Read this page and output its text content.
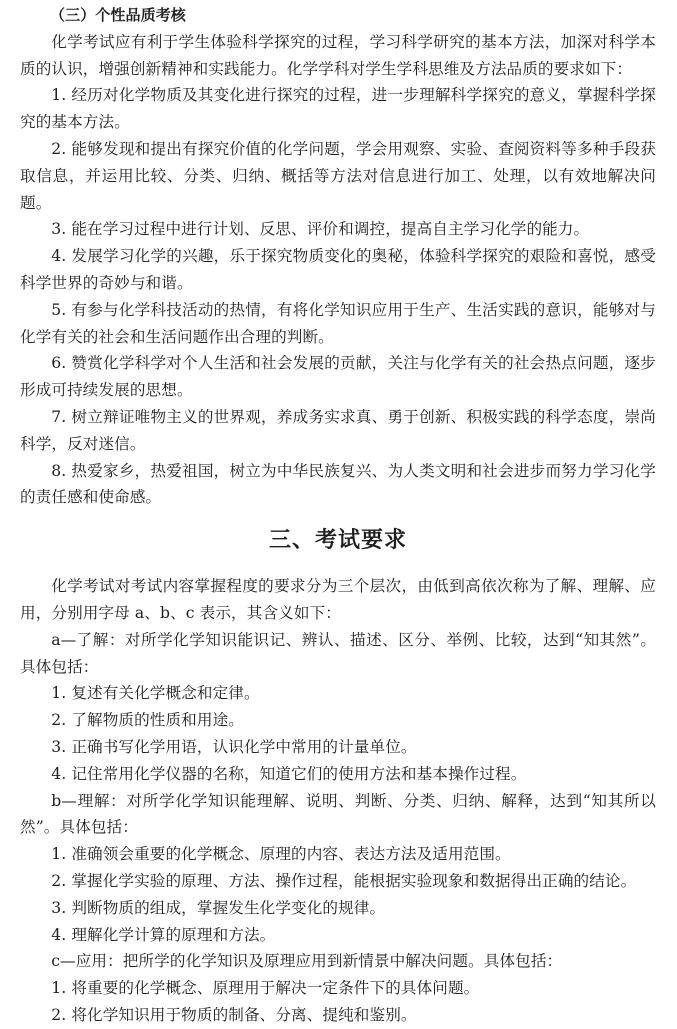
（三）个性品质考核

化学考试应有利于学生体验科学探究的过程，学习科学研究的基本方法，加深对科学本质的认识，增强创新精神和实践能力。化学学科对学生学科思维及方法品质的要求如下：

1. 经历对化学物质及其变化进行探究的过程，进一步理解科学探究的意义，掌握科学探究的基本方法。

2. 能够发现和提出有探究价值的化学问题，学会用观察、实验、查阅资料等多种手段获取信息，并运用比较、分类、归纳、概括等方法对信息进行加工、处理，以有效地解决问题。

3. 能在学习过程中进行计划、反思、评价和调控，提高自主学习化学的能力。

4. 发展学习化学的兴趣，乐于探究物质变化的奥秘，体验科学探究的艰险和喜悦，感受科学世界的奇妙与和谐。

5. 有参与化学科技活动的热情，有将化学知识应用于生产、生活实践的意识，能够对与化学有关的社会和生活问题作出合理的判断。

6. 赞赏化学科学对个人生活和社会发展的贡献，关注与化学有关的社会热点问题，逐步形成可持续发展的思想。

7. 树立辩证唯物主义的世界观，养成务实求真、勇于创新、积极实践的科学态度，崇尚科学，反对迷信。

8. 热爱家乡，热爱祖国，树立为中华民族复兴、为人类文明和社会进步而努力学习化学的责任感和使命感。

三、考试要求

化学考试对考试内容掌握程度的要求分为三个层次，由低到高依次称为了解、理解、应用，分别用字母 a、b、c 表示，其含义如下：

a—了解：对所学化学知识能识记、辨认、描述、区分、举例、比较，达到“知其然”。具体包括：

1. 复述有关化学概念和定律。

2. 了解物质的性质和用途。

3. 正确书写化学用语，认识化学中常用的计量单位。

4. 记住常用化学仪器的名称，知道它们的使用方法和基本操作过程。

b—理解：对所学化学知识能理解、说明、判断、分类、归纳、解释，达到“知其所以然”。具体包括：

1. 准确领会重要的化学概念、原理的内容、表达方法及适用范围。

2. 掌握化学实验的原理、方法、操作过程，能根据实验现象和数据得出正确的结论。

3. 判断物质的组成，掌握发生化学变化的规律。

4. 理解化学计算的原理和方法。

c—应用：把所学的化学知识及原理应用到新情景中解决问题。具体包括：

1. 将重要的化学概念、原理用于解决一定条件下的具体问题。

2. 将化学知识用于物质的制备、分离、提纯和鉴别。
